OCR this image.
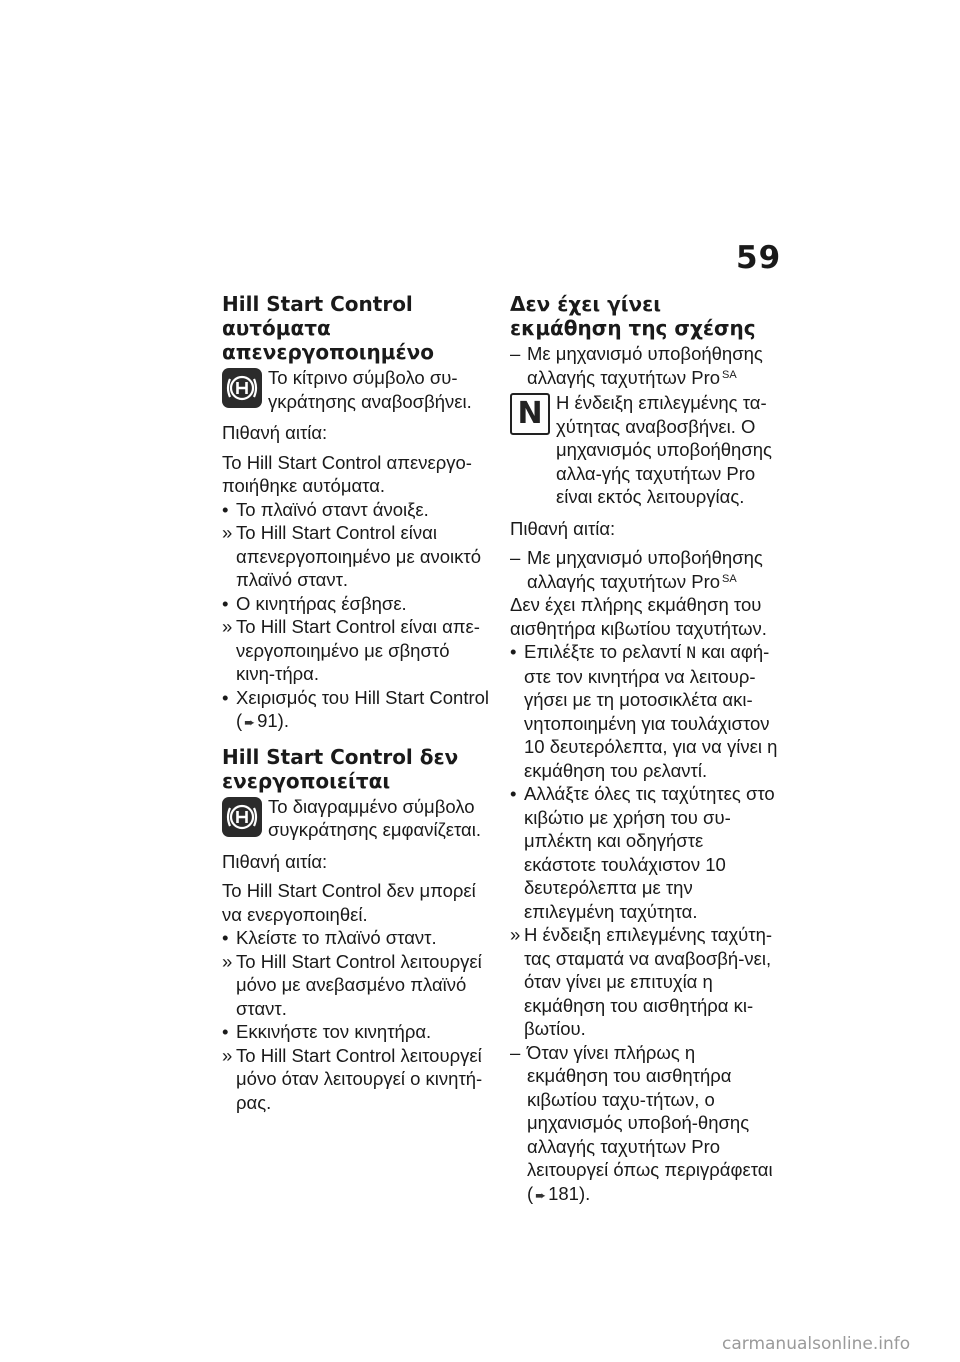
59
Hill Start Control αυτόματα απενεργοποιημένο
Το κίτρινο σύμβολο συ-γκράτησης αναβοσβήνει.
Πιθανή αιτία:
Το Hill Start Control απενεργο-ποιήθηκε αυτόματα.
• Το πλαϊνό σταντ άνοιξε.
» Το Hill Start Control είναι απενεργοποιημένο με ανοικτό πλαϊνό σταντ.
• Ο κινητήρας έσβησε.
» Το Hill Start Control είναι απε-νεργοποιημένο με σβηστό κινη-τήρα.
• Χειρισμός του Hill Start Control
( ➨ 91).
Hill Start Control δεν ενεργοποιείται
Το διαγραμμένο σύμβολο συγκράτησης εμφανίζεται.
Πιθανή αιτία:
Το Hill Start Control δεν μπορεί να ενεργοποιηθεί.
• Κλείστε το πλαϊνό σταντ.
» Το Hill Start Control λειτουργεί μόνο με ανεβασμένο πλαϊνό σταντ.
• Εκκινήστε τον κινητήρα.
» Το Hill Start Control λειτουργεί μόνο όταν λειτουργεί ο κινητή-ρας.
Δεν έχει γίνει εκμάθηση της σχέσης
– Με μηχανισμό υποβοήθησης αλλαγής ταχυτήτων Pro $^{SA}$
N Η ένδειξη επιλεγμένης τα-χύτητας αναβοσβήνει. Ο μηχανισμός υποβοήθησης αλλα-γής ταχυτήτων Pro είναι εκτός λειτουργίας.
Πιθανή αιτία:
– Με μηχανισμό υποβοήθησης αλλαγής ταχυτήτων Pro $^{SA}$
Δεν έχει πλήρης εκμάθηση του αισθητήρα κιβωτίου ταχυτήτων.
• Επιλέξτε το ρελαντί N και αφή-στε τον κινητήρα να λειτουρ-γήσει με τη μοτοσικλέτα ακι-νητοποιημένη για τουλάχιστον 10 δευτερόλεπτα, για να γίνει η εκμάθηση του ρελαντί.
• Αλλάξτε όλες τις ταχύτητες στο κιβώτιο με χρήση του συ-μπλέκτη και οδηγήστε εκάστοτε τουλάχιστον 10 δευτερόλεπτα με την επιλεγμένη ταχύτητα.
» Η ένδειξη επιλεγμένης ταχύτη-τας σταματά να αναβοσβή-νει, όταν γίνει με επιτυχία η εκμάθηση του αισθητήρα κι-βωτίου.
– Όταν γίνει πλήρως η εκμάθηση του αισθητήρα κιβωτίου ταχυ-τήτων, ο μηχανισμός υποβοή-θησης αλλαγής ταχυτήτων Pro λειτουργεί όπως περιγράφεται
( ➨ 181).
carmanualsonline.info
